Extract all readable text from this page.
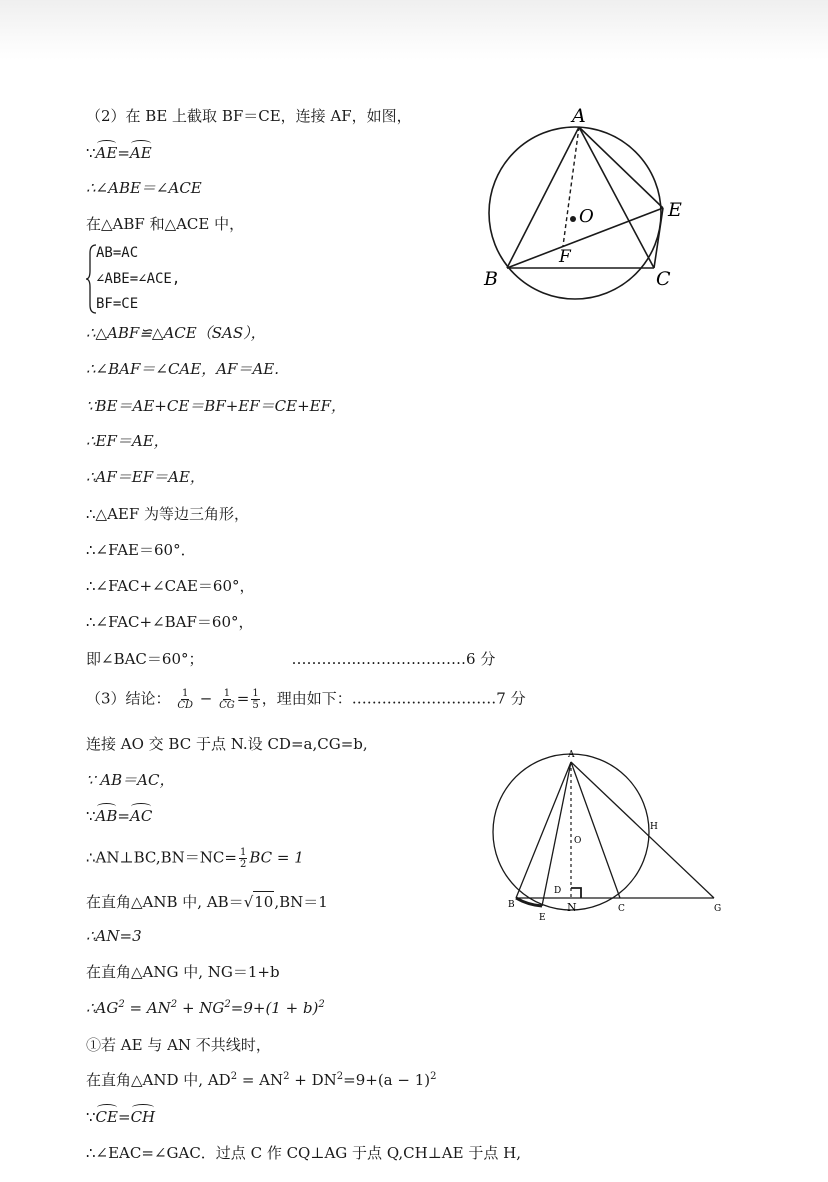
（2）在 BE 上截取 BF＝CE，连接 AF，如图，
∵AE=AE
∴∠ABE＝∠ACE
在△ABF 和△ACE 中，
AB=AC
∠ABE=∠ACE,
BF=CE
∴△ABF≌△ACE（SAS），
∴∠BAF＝∠CAE，AF＝AE.
∵BE＝AE+CE＝BF+EF＝CE+EF，
∴EF＝AE，
∴AF＝EF＝AE，
∴△AEF 为等边三角形，
∴∠FAE＝60°．
∴∠FAC+∠CAE＝60°，
∴∠FAC+∠BAF＝60°，
即∠BAC＝60°；	…………..…………………6 分
（3）结论： $\frac{1}{CD} - \frac{1}{CG} = \frac{1}{5}$ ，理由如下：………..………………7 分
连接 AO 交 BC 于点 N.设 CD=a,CG=b,
∵ AB＝AC，
∵AB=AC
∴AN⊥BC,BN＝NC= $\frac{1}{2}$ BC = 1
在直角△ANB 中, AB＝√10,BN＝1
∴AN=3
在直角△ANG 中, NG＝1+b
$\therefore AG^2 = AN^2 + NG^2=9+(1 + b)^2$
①若 AE 与 AN 不共线时，
在直角△AND 中, $AD^2 = AN^2 + DN^2=9+(a - 1)^2$
∵CE=CH
∴∠EAC=∠GAC．过点 C 作 CQ⊥AG 于点 Q,CH⊥AE 于点 H,
A
B	C
E
F
O
A
B	C
D
E
G
H
N
O
